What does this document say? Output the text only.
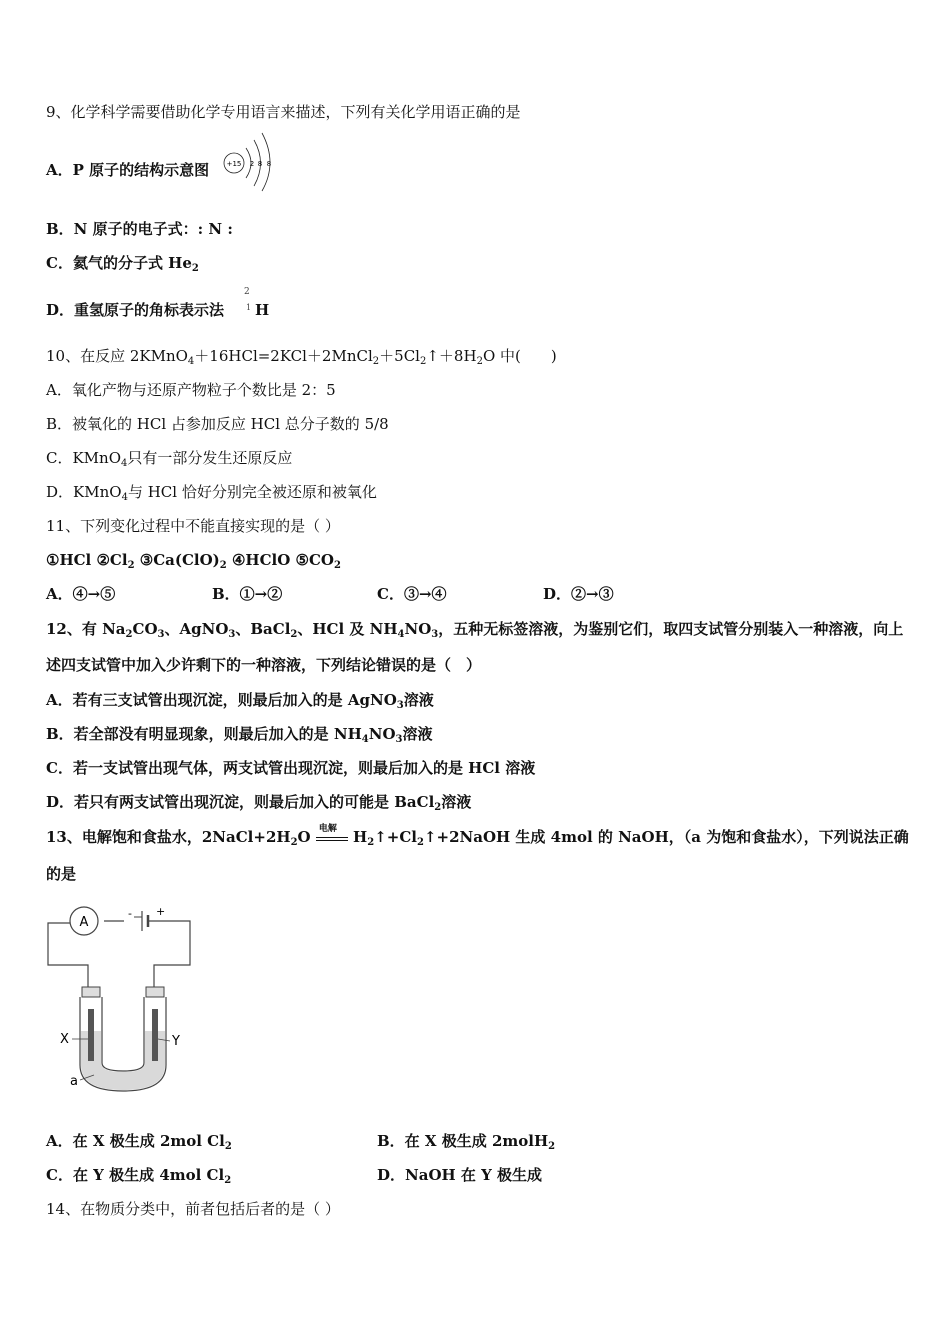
9、化学科学需要借助化学专用语言来描述，下列有关化学用语正确的是
A．P 原子的结构示意图 +15 2 8 8
B．N 原子的电子式：: N :
C．氦气的分子式 $He_2$
D．重氢原子的角标表示法
2
1 H
10、在反应 $2KMnO_4+16HCl=2KCl+2MnCl_2+5Cl_2↑+8H_2O$ 中(　　)
A．氧化产物与还原产物粒子个数比是 2：5
B．被氧化的 HCl 占参加反应 HCl 总分子数的 5/8
C．KMnO$_4$只有一部分发生还原反应
D．KMnO$_4$与 HCl 恰好分别完全被还原和被氧化
11、下列变化过程中不能直接实现的是（ ）
①HCl $②Cl_2$ $③Ca(ClO)_2$ ④HClO $⑤CO_2$
A．④→⑤	B．①→②	C．③→④	D．②→③
12、有 $Na_2CO_3$、AgNO$_3$、BaCl$_2$、HCl 及 $NH_4NO_3$，五种无标签溶液，为鉴别它们，取四支试管分别装入一种溶液，向上
述四支试管中加入少许剩下的一种溶液，下列结论错误的是（　）
A．若有三支试管出现沉淀，则最后加入的是 AgNO$_3$溶液
B．若全部没有明显现象，则最后加入的是 $NH_4NO_3$溶液
C．若一支试管出现气体，两支试管出现沉淀，则最后加入的是 HCl 溶液
D．若只有两支试管出现沉淀，则最后加入的可能是 BaCl$_2$溶液
13、电解饱和食盐水，$2NaCl+2H_2O$ 电解 $H_2↑+Cl_2↑+2NaOH$ 生成 4mol 的 NaOH，（a 为饱和食盐水），下列说法正确
的是
A
- +
X	Y
a
A．在 X 极生成 2mol $Cl_2$	B．在 X 极生成 2molH$_2$
C．在 Y 极生成 4mol $Cl_2$	D．NaOH 在 Y 极生成
14、在物质分类中，前者包括后者的是（ ）
